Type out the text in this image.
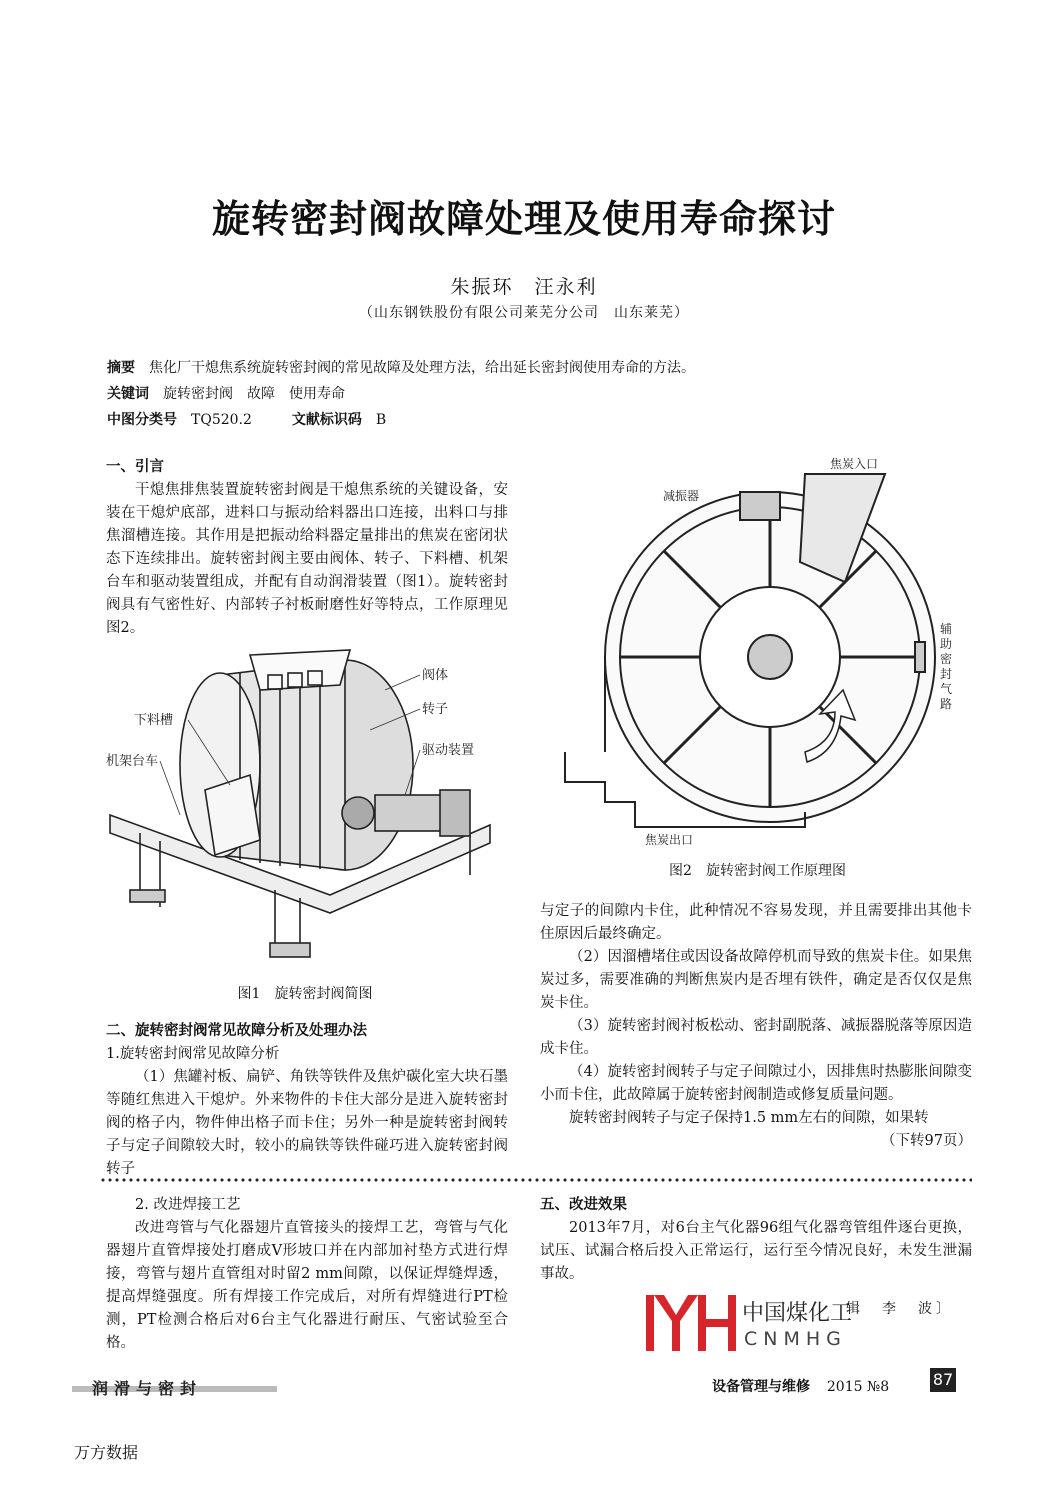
旋转密封阀故障处理及使用寿命探讨
朱振环　汪永利
（山东钢铁股份有限公司莱芜分公司　山东莱芜）
摘要 焦化厂干熄焦系统旋转密封阀的常见故障及处理方法，给出延长密封阀使用寿命的方法。
关键词 旋转密封阀　故障　使用寿命
中图分类号 TQ520.2	文献标识码 B

一、引言

干熄焦排焦装置旋转密封阀是干熄焦系统的关键设备，安装在干熄炉底部，进料口与振动给料器出口连接，出料口与排焦溜槽连接。其作用是把振动给料器定量排出的焦炭在密闭状态下连续排出。旋转密封阀主要由阀体、转子、下料槽、机架台车和驱动装置组成，并配有自动润滑装置（图1）。旋转密封阀具有气密性好、内部转子衬板耐磨性好等特点，工作原理见图2。

阀体
转子
下料槽
机架台车
驱动装置
图1　旋转密封阀简图

二、旋转密封阀常见故障分析及处理办法

1.旋转密封阀常见故障分析

（1）焦罐衬板、扁铲、角铁等铁件及焦炉碳化室大块石墨等随红焦进入干熄炉。外来物件的卡住大部分是进入旋转密封阀的格子内，物件伸出格子而卡住；另外一种是旋转密封阀转子与定子间隙较大时，较小的扁铁等铁件碰巧进入旋转密封阀转子

焦炭入口
减振器
焦炭出口
辅助密封气路
图2　旋转密封阀工作原理图

与定子的间隙内卡住，此种情况不容易发现，并且需要排出其他卡住原因后最终确定。

（2）因溜槽堵住或因设备故障停机而导致的焦炭卡住。如果焦炭过多，需要准确的判断焦炭内是否埋有铁件，确定是否仅仅是焦炭卡住。

（3）旋转密封阀衬板松动、密封副脱落、减振器脱落等原因造成卡住。

（4）旋转密封阀转子与定子间隙过小，因排焦时热膨胀间隙变小而卡住，此故障属于旋转密封阀制造或修复质量问题。

旋转密封阀转子与定子保持1.5 mm左右的间隙，如果转

（下转97页）

2. 改进焊接工艺

改进弯管与气化器翅片直管接头的接焊工艺，弯管与气化器翅片直管焊接处打磨成V形坡口并在内部加衬垫方式进行焊接，弯管与翅片直管组对时留2 mm间隙，以保证焊缝焊透，提高焊缝强度。所有焊接工作完成后，对所有焊缝进行PT检测，PT检测合格后对6台主气化器进行耐压、气密试验至合格。

五、改进效果

2013年7月，对6台主气化器96组气化器弯管组件逐台更换，试压、试漏合格后投入正常运行，运行至今情况良好，未发生泄漏事故。

中国煤化工
CNMHG
辑　李　波〕
润滑与密封	设备管理与维修 2015 №8	87
万方数据
